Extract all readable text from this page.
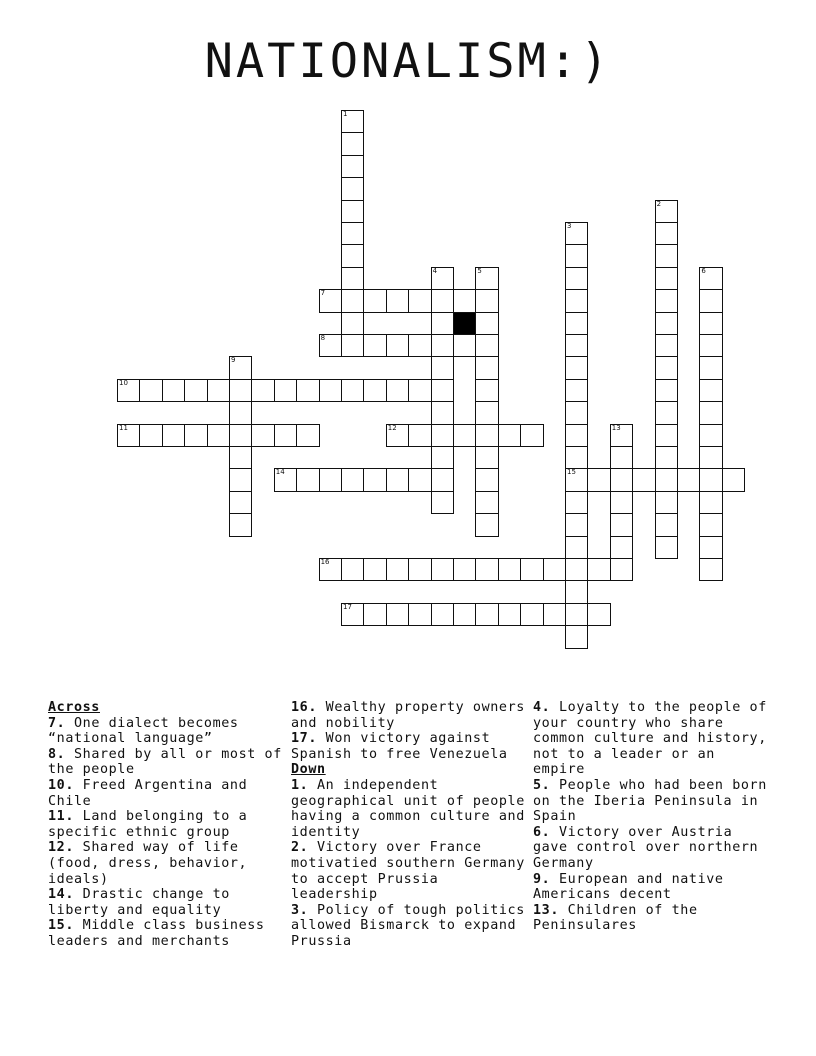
NATIONALISM:)
1
2
3
15
4	5	6
7
8
9
10
11	12	13
14
16
17
Across

7. One dialect becomes “national language”

8. Shared by all or most of the people

10. Freed Argentina and Chile

11. Land belonging to a specific ethnic group

12. Shared way of life (food, dress, behavior, ideals)

14. Drastic change to liberty and equality

15. Middle class business leaders and merchants

16. Wealthy property owners and nobility

17. Won victory against Spanish to free Venezuela

Down

1. An independent geographical unit of people having a common culture and identity

2. Victory over France motivatied southern Germany to accept Prussia leadership

3. Policy of tough politics allowed Bismarck to expand Prussia

4. Loyalty to the people of your country who share common culture and history, not to a leader or an empire

5. People who had been born on the Iberia Peninsula in Spain

6. Victory over Austria gave control over northern Germany

9. European and native Americans decent

13. Children of the Peninsulares
